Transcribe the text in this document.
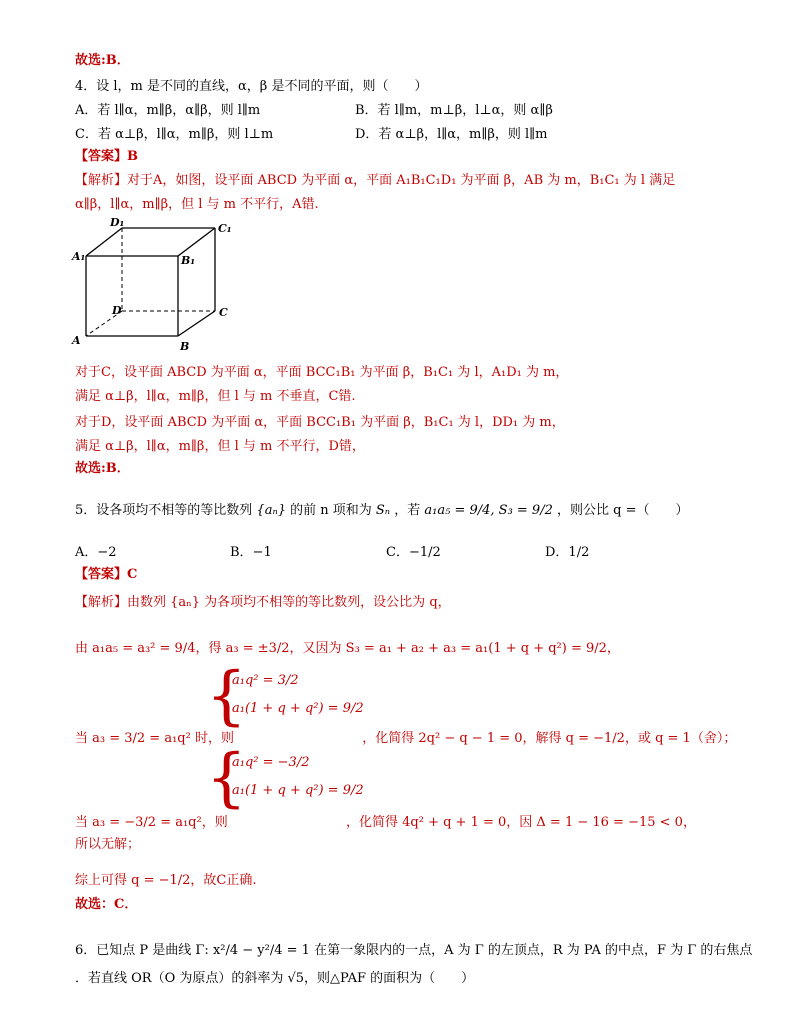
故选:B．
4．设 l，m 是不同的直线，α，β 是不同的平面，则（　　）
A．若 l∥α，m∥β，α∥β，则 l∥m	B．若 l∥m，m⊥β，l⊥α，则 α∥β
C．若 α⊥β，l∥α，m∥β，则 l⊥m	D．若 α⊥β，l∥α，m∥β，则 l∥m
【答案】B
【解析】对于A，如图，设平面 ABCD 为平面 α，平面 A₁B₁C₁D₁ 为平面 β，AB 为 m，B₁C₁ 为 l 满足
α∥β，l∥α，m∥β，但 l 与 m 不平行，A错.
A₁
D₁	C₁
B₁
D	C
A	B
对于C，设平面 ABCD 为平面 α，平面 BCC₁B₁ 为平面 β，B₁C₁ 为 l，A₁D₁ 为 m，
满足 α⊥β，l∥α，m∥β，但 l 与 m 不垂直，C错.
对于D，设平面 ABCD 为平面 α，平面 BCC₁B₁ 为平面 β，B₁C₁ 为 l，DD₁ 为 m，
满足 α⊥β，l∥α，m∥β，但 l 与 m 不平行，D错，
故选:B．
5．设各项均不相等的等比数列 {aₙ} 的前 n 项和为 Sₙ ，若 a₁a₅ = 9/4, S₃ = 9/2 ，则公比 q =（　　）
A．−2	B．−1	C．−1/2	D．1/2
【答案】C
【解析】由数列 {aₙ} 为各项均不相等的等比数列，设公比为 q，
由 a₁a₅ = a₃² = 9/4，得 a₃ = ±3/2，又因为 S₃ = a₁ + a₂ + a₃ = a₁(1 + q + q²) = 9/2，
{
a₁q² = 3/2
a₁(1 + q + q²) = 9/2
当 a₃ = 3/2 = a₁q² 时，则	，化简得 2q² − q − 1 = 0，解得 q = −1/2，或 q = 1（舍）；
{
a₁q² = −3/2
a₁(1 + q + q²) = 9/2
当 a₃ = −3/2 = a₁q²，则	，化简得 4q² + q + 1 = 0，因 Δ = 1 − 16 = −15 < 0，
所以无解；
综上可得 q = −1/2，故C正确.
故选：C．
6．已知点 P 是曲线 Γ: x²/4 − y²/4 = 1 在第一象限内的一点，A 为 Γ 的左顶点，R 为 PA 的中点，F 为 Γ 的右焦点
．若直线 OR（O 为原点）的斜率为 √5，则△PAF 的面积为（　　）
